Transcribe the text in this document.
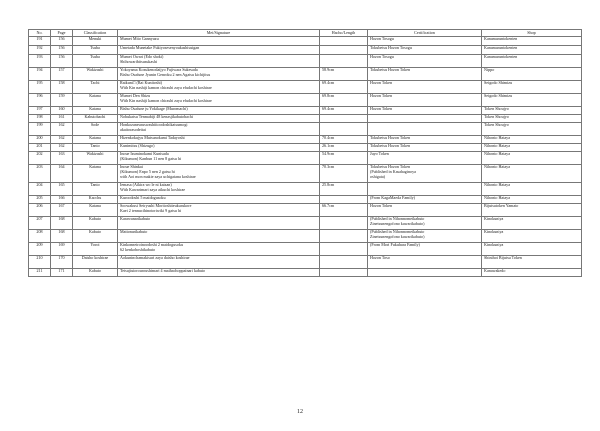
No.	Page	Classification	Mei/Signature	Hacho/Length	Certification	Shop
191	156	Menuki	Mumei Mito Gannyuzu		Hozon Tosogu	Kanamaruntokenten
192	156	Tsuba	Umetada Munetake Fukiyosesenyoukashisuigan		Tokubetsu Hozon Tosogu	Kanamaruntokenten
193	156	Tsuba	Mumei Owari (Edo shoki)
Shihowaribitsusukashi		Hozon Tosogu	Kanamaruntokenten
194	157	Wakizashi	Yokoyama Kozukenodaijyo Fujiwara Sukesada
Bishu Osafune Jyunin Genroku 2 nen Agatsu kichijitsu	58.9cm	Tokubetsu Hozon Token	Nippo
195	158	Tachi	Raikuni□ (Rai Kunitoshi)
With Kin nashiji kamon chirashi zaya efudachi koshirae	69.4cm	Hozon Token	Seigodo Shimizu
196	159	Katana	Mumei Den Shizu
With Kin nashiji kamon chirashi zaya efudachi koshirae	69.8cm	Hozon Token	Seigodo Shimizu
197	160	Katana	Bishu Osafune ju Yokikage (Muromachi)	69.4cm	Hozon Token	Token Shoujyo
198	161	Kabutobachi	Nobukatsu Tenmabiji 48 kenasjikabutobachi			Token Shoujyo
199	162	Sode	Honkozaneuruswashiitoodoshikatsumogi
akaitorasodeitai			Token Shoujyo
200	162	Katana	Hizenkokujyu Mutsunokami Tadayoshi	70.4cm	Tokubetsu Hozon Token	Nihonto Hataya
201	162	Tanto	Kunimitsu (Shizugo)	26.1cm	Tokubetsu Hozon Token	Nihonto Hataya
202	163	Wakizashi	Inoue Izuminokami Kunisada
(Kikumon) Kanbun 11 nen 8 gatsu hi	54.9cm	Juyo Token	Nihonto Hataya
203	164	Katana	Inoue Shinkai
(Kikumon) Enpo 5 nen 2 gatsu hi
with Aoi mon makie zaya uchigatana koshirae	70.3cm	Tokubetsu Hozon Token
(Published in Kasahaginoya
oshigata)	Nihonto Hataya
204	165	Tanto	Iemasa (Aikira wo le ni kaizan)
With Kawarimari zaya aikuchi koshirae	25.8cm		Nihonto Hataya
205	166	Kacchu	Kuroodoshi 5 maidogusoku		(From KagaMaeda Family)	Nihonto Hataya
206	167	Katana	Soowakusi Seiryushi Moritoshiteukurukore
Kaei 2 tennucihinotoriwiki 9 gatsu hi	66.7cm	Hozon Token	Bijutsutoken Yamato
207	168	Kabuto	Karawanarikabuto		(Published in Nihonnomeikabuto
Zinetsunengofono kawarikabuto)	Kinokuniya
208	168	Kabuto	Mattonarikabuto		(Published in Nihonnomeikabuto
Zinetsunengofono kawarikabuto)	Kinokuniya
209	169	Yoroi	Kinkonneiroinoodoshi 2 maidogusoku
62 kenkoboshikabuto		(From Mori Fukuhara Family)	Kinokuniya
210	170	Daisho koshirae	Aokuninchamakisuri zaya daisho koshirae		Hozon Toso	Shinihoi Bijutsu Token
211	171	Kabuto	Tetsujiuiorouroushimari 4 maihachoppainari kabuto			Kanawakedo
12
